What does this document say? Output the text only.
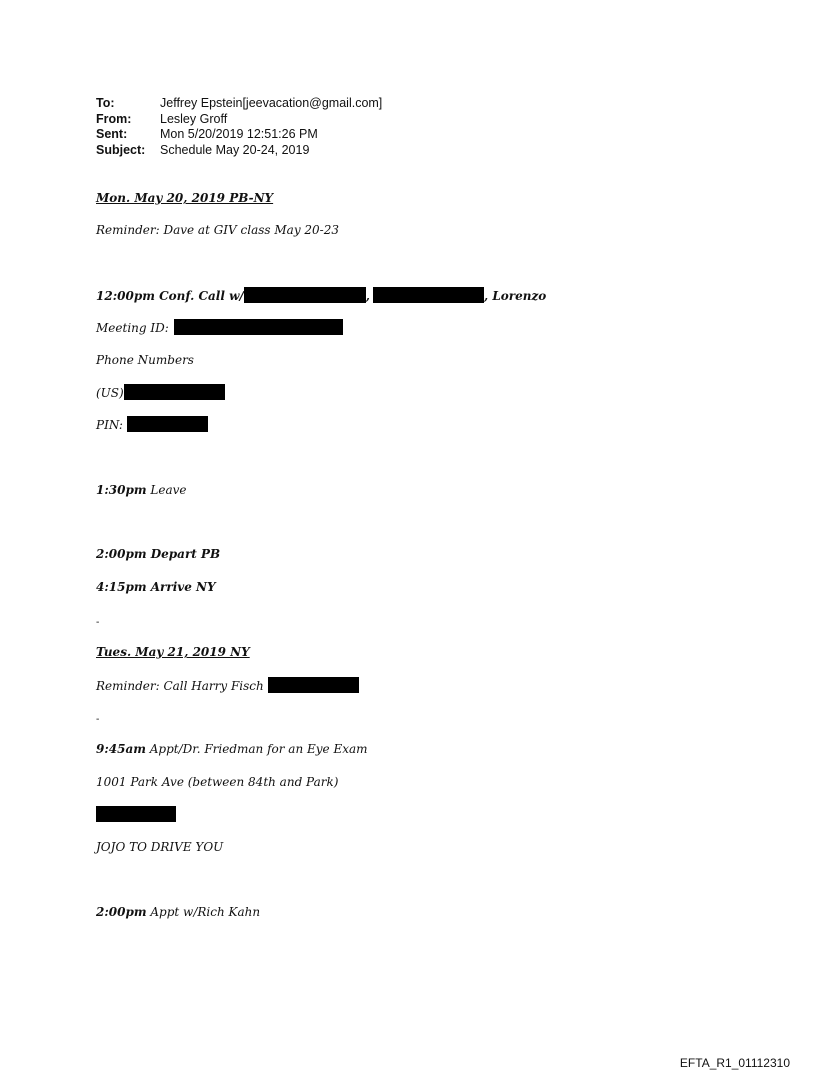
To:	Jeffrey Epstein[jeevacation@gmail.com]
From:	Lesley Groff
Sent:	Mon 5/20/2019 12:51:26 PM
Subject:	Schedule May 20-24, 2019
Mon. May 20, 2019 PB-NY
Reminder: Dave at GIV class May 20-23
12:00pm Conf. Call w/	,	, Lorenzo
Meeting ID:
Phone Numbers
(US)
PIN:
1:30pm Leave
2:00pm Depart PB
4:15pm Arrive NY
-
Tues. May 21, 2019 NY
Reminder: Call Harry Fisch
-
9:45am Appt/Dr. Friedman for an Eye Exam
1001 Park Ave (between 84th and Park)
JOJO TO DRIVE YOU
2:00pm Appt w/Rich Kahn
EFTA_R1_01112310
